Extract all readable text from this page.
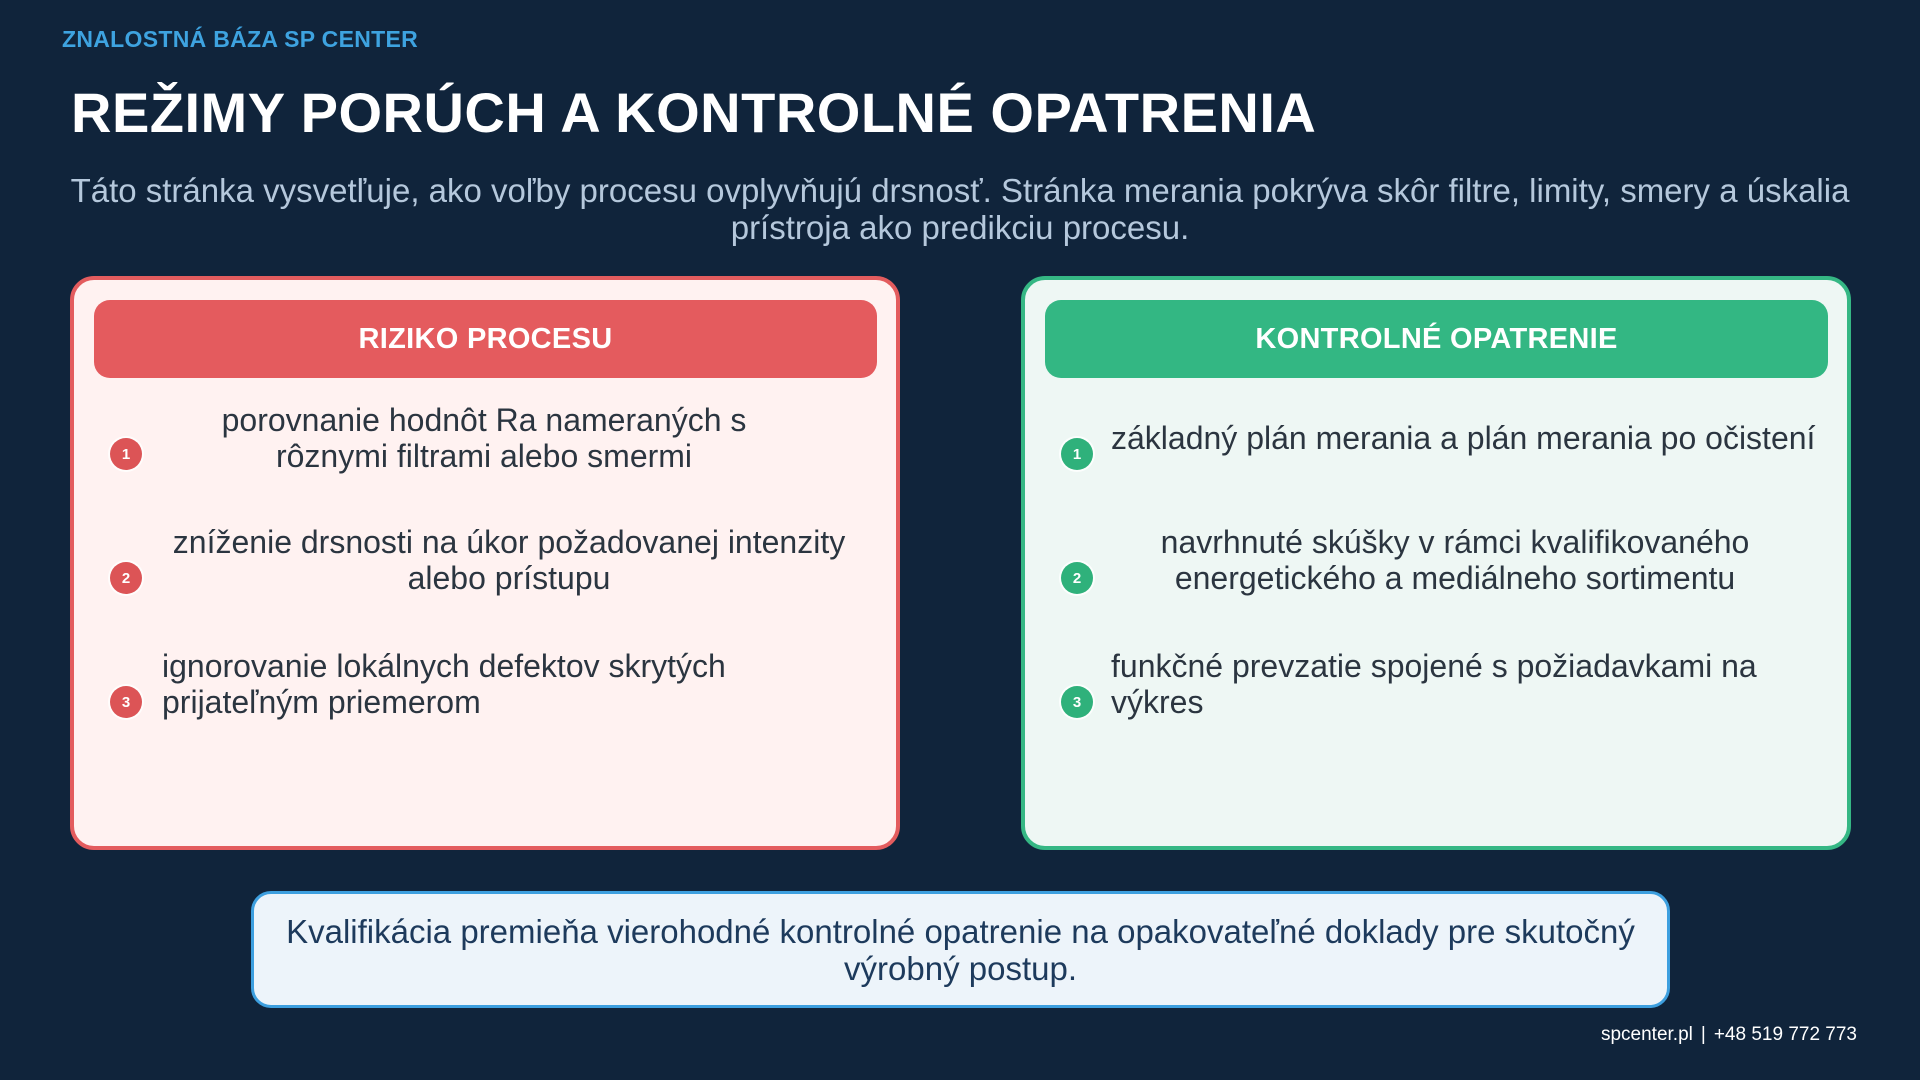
ZNALOSTNÁ BÁZA SP CENTER
REŽIMY PORÚCH A KONTROLNÉ OPATRENIA

Táto stránka vysvetľuje, ako voľby procesu ovplyvňujú drsnosť. Stránka merania pokrýva skôr filtre, limity, smery a úskalia prístroja ako predikciu procesu.

RIZIKO PROCESU
1
porovnanie hodnôt Ra nameraných s rôznymi filtrami alebo smermi
2
zníženie drsnosti na úkor požadovanej intenzity alebo prístupu
3
ignorovanie lokálnych defektov skrytých prijateľným priemerom
KONTROLNÉ OPATRENIE
1 základný plán merania a plán merania po očistení
2
navrhnuté skúšky v rámci kvalifikovaného energetického a mediálneho sortimentu
3
funkčné prevzatie spojené s požiadavkami na výkres
Kvalifikácia premieňa vierohodné kontrolné opatrenie na opakovateľné doklady pre skutočný výrobný postup.
spcenter.pl | +48 519 772 773
